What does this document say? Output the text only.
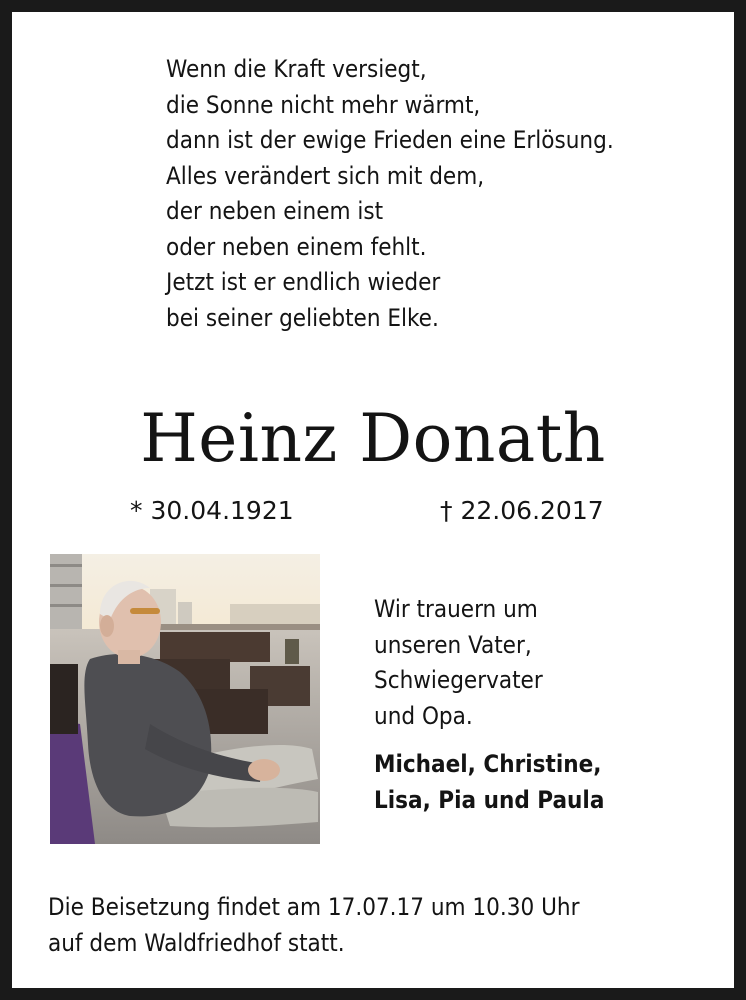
Wenn die Kraft versiegt,
die Sonne nicht mehr wärmt,
dann ist der ewige Frieden eine Erlösung.
Alles verändert sich mit dem,
der neben einem ist
oder neben einem fehlt.
Jetzt ist er endlich wieder
bei seiner geliebten Elke.
Heinz Donath
* 30.04.1921	† 22.06.2017
Wir trauern um
unseren Vater,
Schwiegervater
und Opa.
Michael, Christine,
Lisa, Pia und Paula
Die Beisetzung findet am 17.07.17 um 10.30 Uhr
auf dem Waldfriedhof statt.
